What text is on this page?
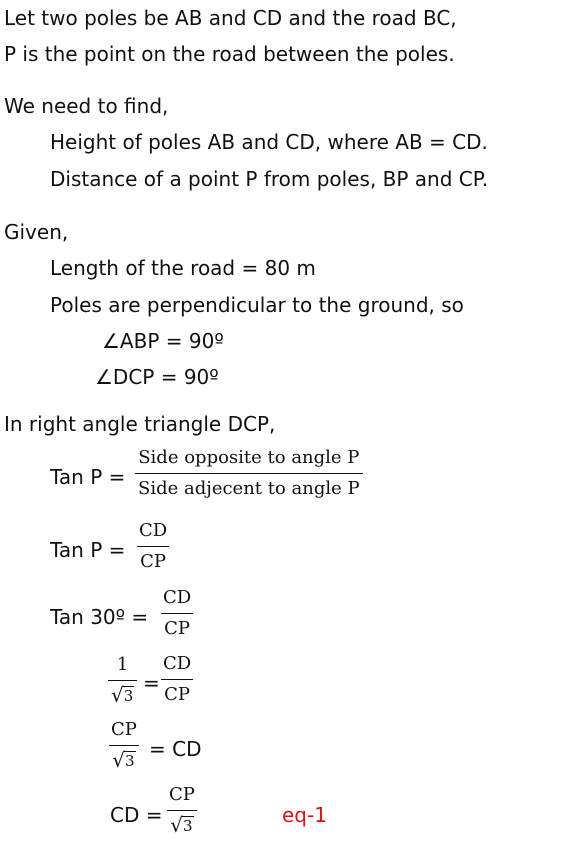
Let two poles be AB and CD and the road BC,
P is the point on the road between the poles.
We need to find,
Height of poles AB and CD, where AB = CD.
Distance of a point P from poles, BP and CP.
Given,
Length of the road = 80 m
Poles are perpendicular to the ground, so
∠ABP = 90º
∠DCP = 90º
In right angle triangle DCP,
Tan P =
Side opposite to angle P
Side adjecent to angle P
Tan $P = \frac{CD}{CP}$
Tan 30º = $\frac{CD}{CP}$
$\frac{1}{√ 3} = \frac{CD}{CP}$
$\frac{CP}{√ 3}$ = CD
CD = $\frac{CP}{√ 3}$	eq-1
